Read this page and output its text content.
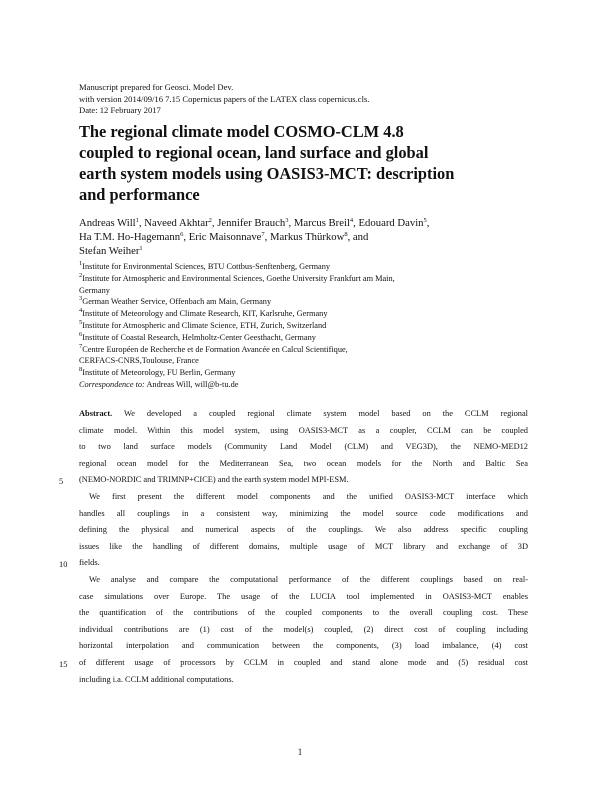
Manuscript prepared for Geosci. Model Dev.
with version 2014/09/16 7.15 Copernicus papers of the LATEX class copernicus.cls.
Date: 12 February 2017
The regional climate model COSMO-CLM 4.8
coupled to regional ocean, land surface and global
earth system models using OASIS3-MCT: description
and performance
Andreas Will$^1$, Naveed Akhtar$^2$, Jennifer Brauch$^3$, Marcus Breil$^4$, Edouard Davin$^5$,
Ha T.M. Ho-Hagemann$^6$, Eric Maisonnave$^7$, Markus Thürkow$^8$, and
Stefan Weiher$^1$
$^1$Institute for Environmental Sciences, BTU Cottbus-Senftenberg, Germany
$^2$Institute for Atmospheric and Environmental Sciences, Goethe University Frankfurt am Main,
Germany
$^3$German Weather Service, Offenbach am Main, Germany
$^4$Institute of Meteorology and Climate Research, KIT, Karlsruhe, Germany
$^5$Institute for Atmospheric and Climate Science, ETH, Zurich, Switzerland
$^6$Institute of Coastal Research, Helmholtz-Center Geesthacht, Germany
$^7$Centre Européen de Recherche et de Formation Avancée en Calcul Scientifique,
CERFACS-CNRS,Toulouse, France
$^8$Institute of Meteorology, FU Berlin, Germany
Correspondence to: Andreas Will, will@b-tu.de

Abstract. We developed a coupled regional climate system model based on the CCLM regional

climate model. Within this model system, using OASIS3-MCT as a coupler, CCLM can be coupled

to two land surface models (Community Land Model (CLM) and VEG3D), the NEMO-MED12

regional ocean model for the Mediterranean Sea, two ocean models for the North and Baltic Sea

(NEMO-NORDIC and TRIMNP+CICE) and the earth system model MPI-ESM.

We first present the different model components and the unified OASIS3-MCT interface which

handles all couplings in a consistent way, minimizing the model source code modifications and

defining the physical and numerical aspects of the couplings. We also address specific coupling

issues like the handling of different domains, multiple usage of MCT library and exchange of 3D

fields.

We analyse and compare the computational performance of the different couplings based on real-

case simulations over Europe. The usage of the LUCIA tool implemented in OASIS3-MCT enables

the quantification of the contributions of the coupled components to the overall coupling cost. These

individual contributions are (1) cost of the model(s) coupled, (2) direct cost of coupling including

horizontal interpolation and communication between the components, (3) load imbalance, (4) cost

of different usage of processors by CCLM in coupled and stand alone mode and (5) residual cost

including i.a. CCLM additional computations.

5
10
15
1
